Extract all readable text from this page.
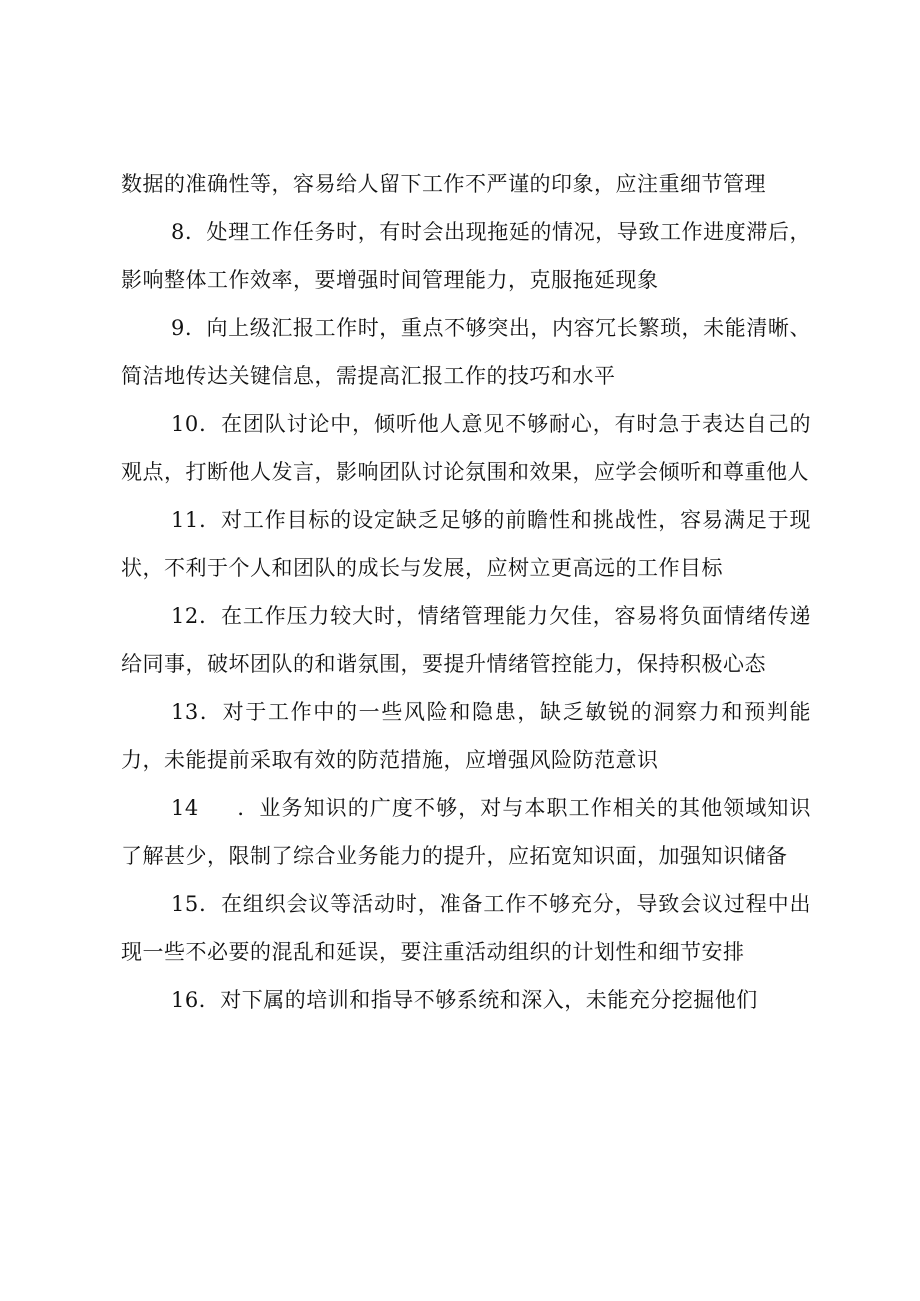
数据的准确性等，容易给人留下工作不严谨的印象，应注重细节管理

8．处理工作任务时，有时会出现拖延的情况，导致工作进度滞后，影响整体工作效率，要增强时间管理能力，克服拖延现象

9．向上级汇报工作时，重点不够突出，内容冗长繁琐，未能清晰、简洁地传达关键信息，需提高汇报工作的技巧和水平

10．在团队讨论中，倾听他人意见不够耐心，有时急于表达自己的观点，打断他人发言，影响团队讨论氛围和效果，应学会倾听和尊重他人

11．对工作目标的设定缺乏足够的前瞻性和挑战性，容易满足于现状，不利于个人和团队的成长与发展，应树立更高远的工作目标

12．在工作压力较大时，情绪管理能力欠佳，容易将负面情绪传递给同事，破坏团队的和谐氛围，要提升情绪管控能力，保持积极心态

13．对于工作中的一些风险和隐患，缺乏敏锐的洞察力和预判能力，未能提前采取有效的防范措施，应增强风险防范意识

14 ．业务知识的广度不够，对与本职工作相关的其他领域知识了解甚少，限制了综合业务能力的提升，应拓宽知识面，加强知识储备

15．在组织会议等活动时，准备工作不够充分，导致会议过程中出现一些不必要的混乱和延误，要注重活动组织的计划性和细节安排

16．对下属的培训和指导不够系统和深入，未能充分挖掘他们
